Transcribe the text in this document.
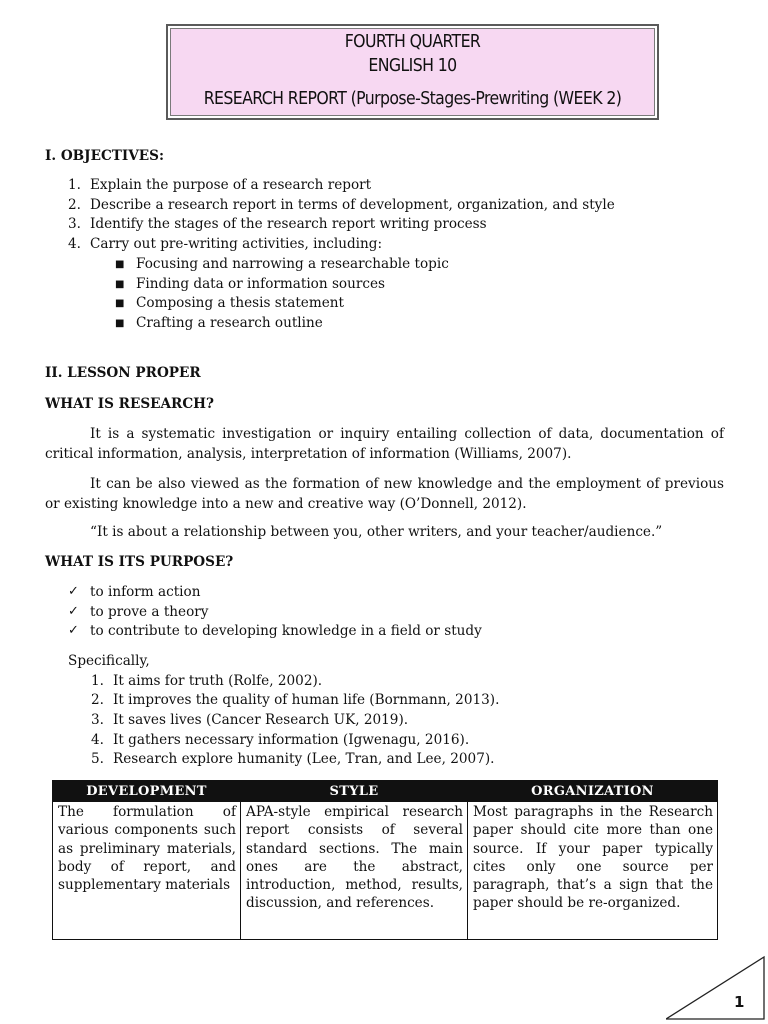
FOURTH QUARTER
ENGLISH 10
RESEARCH REPORT (Purpose-Stages-Prewriting (WEEK 2)
I. OBJECTIVES:
1. Explain the purpose of a research report
2. Describe a research report in terms of development, organization, and style
3. Identify the stages of the research report writing process
4. Carry out pre-writing activities, including:
■ Focusing and narrowing a researchable topic
■ Finding data or information sources
■ Composing a thesis statement
■ Crafting a research outline
II. LESSON PROPER
WHAT IS RESEARCH?
It is a systematic investigation or inquiry entailing collection of data, documentation of critical information, analysis, interpretation of information (Williams, 2007).
It can be also viewed as the formation of new knowledge and the employment of previous or existing knowledge into a new and creative way (O’Donnell, 2012).
“It is about a relationship between you, other writers, and your teacher/audience.”
WHAT IS ITS PURPOSE?
✓ to inform action
✓ to prove a theory
✓ to contribute to developing knowledge in a field or study
Specifically,
1. It aims for truth (Rolfe, 2002).
2. It improves the quality of human life (Bornmann, 2013).
3. It saves lives (Cancer Research UK, 2019).
4. It gathers necessary information (Igwenagu, 2016).
5. Research explore humanity (Lee, Tran, and Lee, 2007).
DEVELOPMENT	STYLE	ORGANIZATION
The formulation of various components such as preliminary materials, body of report, and supplementary materials	APA-style empirical research report consists of several standard sections. The main ones are the abstract, introduction, method, results, discussion, and references.	Most paragraphs in the Research paper should cite more than one source. If your paper typically cites only one source per paragraph, that’s a sign that the paper should be re-organized.
1
